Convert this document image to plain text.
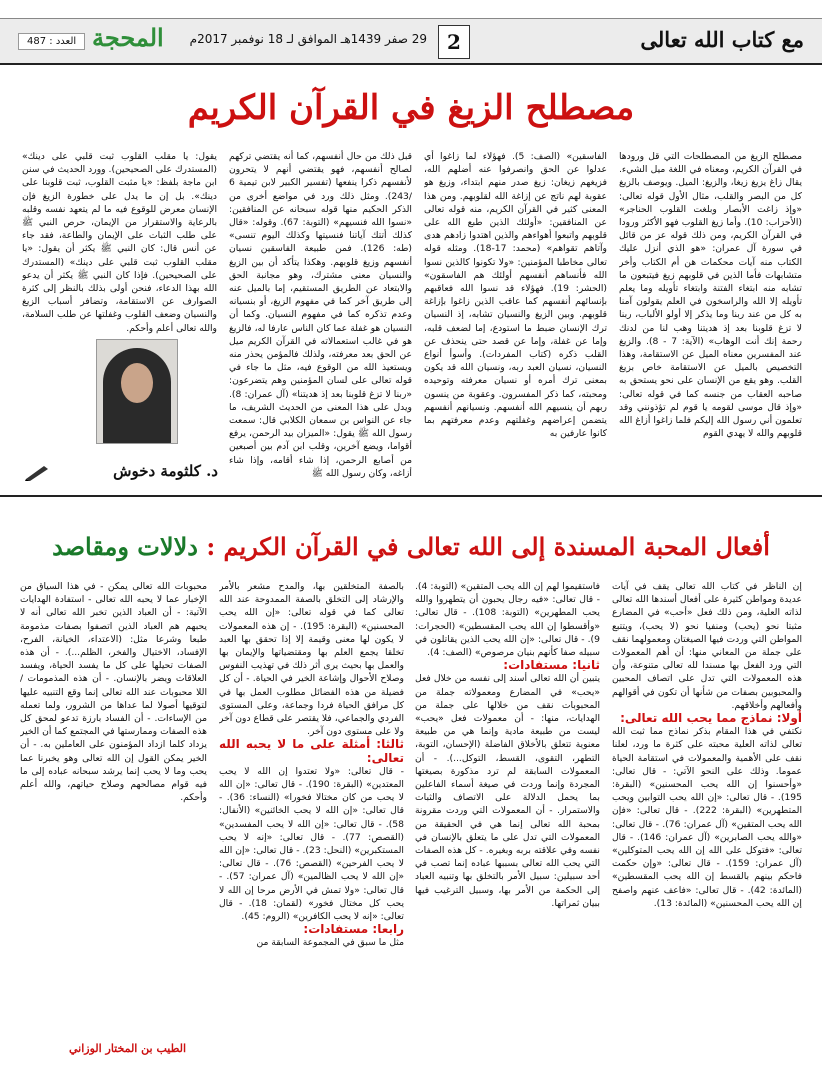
مع كتاب الله تعالى
2
29 صفر 1439هـ الموافق لـ 18 نوفمبر 2017م
المحجة
العدد : 487
مصطلح الزيغ في القرآن الكريم

مصطلح الزيغ من المصطلحات التي قل ورودها في القرآن الكريم، ومعناه في اللغة ميل الشيء. يقال زاغ يزيغ زيغا، والزيغ: الميل. ويوصف بالزيغ كل من البصر والقلب، مثال الأول قوله تعالى: «وإذ زاغت الأبصار وبلغت القلوب الحناجر» (الأحزاب: 10). وأما زيغ القلوب فهو الأكثر ورودا في القرآن الكريم، ومن ذلك قوله عز من قائل في سورة آل عمران: «هو الذي أنزل عليك الكتاب منه آيات محكمات هن أم الكتاب وأخر متشابهات فأما الذين في قلوبهم زيغ فيتبعون ما تشابه منه ابتغاء الفتنة وابتغاء تأويله وما يعلم تأويله إلا الله والراسخون في العلم يقولون آمنا به كل من عند ربنا وما يذكر إلا أولو الألباب، ربنا لا تزغ قلوبنا بعد إذ هديتنا وهب لنا من لدنك رحمة إنك أنت الوهاب» (الآية: 7 - 8). والزيغ عند المفسرين معناه الميل عن الاستقامة، وهذا التخصيص بالميل عن الاستقامة خاص بزيغ القلب. وهو يقع من الإنسان على نحو يستحق به صاحبه العقاب من جنسه كما في قوله تعالى: «وإذ قال موسى لقومه يا قوم لم تؤذونني وقد تعلمون أني رسول الله إليكم فلما زاغوا أزاغ الله قلوبهم والله لا يهدي القوم

الفاسقين» (الصف: 5). فهؤلاء لما زاغوا أي عدلوا عن الحق وانصرفوا عنه أضلهم الله، فزيغهم زيغان: زيغ صدر منهم ابتداء، وزيغ هو عقوبة لهم ناتج عن إزاغة الله لقلوبهم. ومن هذا المعنى كثير في القرآن الكريم، منه قوله تعالى عن المنافقين: «أولئك الذين طبع الله على قلوبهم واتبعوا أهواءهم والذين اهتدوا زادهم هدى وآتاهم تقواهم» (محمد: 17-18). ومثله قوله تعالى مخاطبا المؤمنين: «ولا تكونوا كالذين نسوا الله فأنساهم أنفسهم أولئك هم الفاسقون» (الحشر: 19). فهؤلاء قد نسوا الله فعاقبهم بإنسائهم أنفسهم كما عاقب الذين زاغوا بإزاغة قلوبهم. وبين الزيغ والنسيان تشابه، إذ النسيان ترك الإنسان ضبط ما استودع، إما لضعف قلبه، وإما عن غفلة، وإما عن قصد حتى ينحذف عن القلب ذكره (كتاب المفردات). وأسوأ أنواع النسيان، نسيان العبد ربه، ونسيان الله قد يكون بمعنى ترك أمره أو نسيان معرفته وتوحيده ومحبته، كما ذكر المفسرون. وعقوبة من ينسون ربهم أن ينسيهم الله أنفسهم. ونسيانهم أنفسهم يتضمن إعراضهم وغفلتهم وعدم معرفتهم بما كانوا عارفين به

قبل ذلك من حال أنفسهم، كما أنه يقتضي تركهم لصالح أنفسهم، فهو يقتضي أنهم لا يتحرون لأنفسهم ذكرا ينفعها (تفسير الكبير لابن تيمية 6 /243). ومثل ذلك ورد في مواضع أخرى من الذكر الحكيم منها قوله سبحانه عن المنافقين: «نسوا الله فنسيهم» (التوبة: 67). وقوله: «قال كذلك أتتك آياتنا فنسيتها وكذلك اليوم تنسى» (طه: 126). فمن طبيعة الفاسقين نسيان أنفسهم وزيغ قلوبهم. وهكذا يتأكد أن بين الزيغ والنسيان معنى مشترك، وهو مجانبة الحق والابتعاد عن الطريق المستقيم، إما بالميل عنه إلى طريق آخر كما في مفهوم الزيغ، أو بنسيانه وعدم تذكره كما في مفهوم النسيان. وكما أن النسيان هو غفلة عما كان الناس عارفا له، فالزيغ هو في غالب استعمالاته في القرآن الكريم ميل عن الحق بعد معرفته، ولذلك فالمؤمن يحذر منه ويستعيذ الله من الوقوع فيه، مثل ما جاء في قوله تعالى على لسان المؤمنين وهم يتضرعون: «ربنا لا تزغ قلوبنا بعد إذ هديتنا» (آل عمران: 8). ويدل على هذا المعنى من الحديث الشريف، ما جاء عن النواس بن سمعان الكلابي قال: سمعت رسول الله ﷺ يقول: «الميزان بيد الرحمن، يرفع أقواما، ويضع آخرين، وقلب ابن آدم بين أصبعين من أصابع الرحمن، إذا شاء أقامه، وإذا شاء أزاغه، وكان رسول الله ﷺ

يقول: يا مقلب القلوب ثبت قلبي على دينك» (المستدرك على الصحيحين). وورد الحديث في سنن ابن ماجة بلفظ: «يا مثبت القلوب، ثبت قلوبنا على دينك». بل إن ما يدل على خطورة الزيغ فإن الإنسان معرض للوقوع فيه ما لم يتعهد نفسه وقلبه بالرعاية والاستقرار من الإيمان، حرص النبي ﷺ على طلب الثبات على الإيمان والطاعة، فقد جاء عن أنس قال: كان النبي ﷺ يكثر أن يقول: «يا مقلب القلوب ثبت قلبي على دينك» (المستدرك على الصحيحين). فإذا كان النبي ﷺ يكثر أن يدعو الله بهذا الدعاء، فنحن أولى بذلك بالنظر إلى كثرة الصوارف عن الاستقامة، وتضافر أسباب الزيغ والنسيان وضعف القلوب وغفلتها عن طلب السلامة، والله تعالى أعلم وأحكم.

د. كلثومة دخوش
أفعال المحبة المسندة إلى الله تعالى في القرآن الكريم : دلالات ومقاصد

إن الناظر في كتاب الله تعالى يقف في آيات عديدة ومواطن كثيرة على أفعال أسندها الله تعالى لذاته العلية، ومن ذلك فعل «أحب» في المضارع مثبتا نحو (يحب) ومنفيا نحو (لا يحب)، ويتتبع المواطن التي وردت فيها الصيغتان ومعمولهما نقف على جملة من المعاني منها: أن أهم المعمولات التي ورد الفعل بها مسندا لله تعالى متنوعة، وأن هذه المعمولات التي تدل على اتصاف المحبين والمحبوبين بصفات من شأنها أن تكون في أقوالهم وأفعالهم وأخلاقهم.

أولا: نماذج مما يحب الله تعالى:

نكتفي في هذا المقام بذكر نماذج مما ثبت الله تعالى لذاته العلية محبته على كثرة ما ورد، لعلنا نقف على الأهمية والمعمولات في استقامة الحياة عموما. وذلك على النحو الآتي: - قال تعالى: «وأحسنوا إن الله يحب المحسنين» (البقرة: 195). - قال تعالى: «إن الله يحب التوابين ويحب المتطهرين» (البقرة: 222). - قال تعالى: «فإن الله يحب المتقين» (آل عمران: 76). - قال تعالى: «والله يحب الصابرين» (آل عمران: 146). - قال تعالى: «فتوكل على الله إن الله يحب المتوكلين» (آل عمران: 159). - قال تعالى: «وإن حكمت فاحكم بينهم بالقسط إن الله يحب المقسطين» (المائدة: 42). - قال تعالى: «فاعف عنهم واصفح إن الله يحب المحسنين» (المائدة: 13).

فاستقيموا لهم إن الله يحب المتقين» (التوبة: 4). - قال تعالى: «فيه رجال يحبون أن يتطهروا والله يحب المطهرين» (التوبة: 108). - قال تعالى: «وأقسطوا إن الله يحب المقسطين» (الحجرات: 9). - قال تعالى: «إن الله يحب الذين يقاتلون في سبيله صفا كأنهم بنيان مرصوص» (الصف: 4).

ثانيا: مستفادات:

يتبين أن الله تعالى أسند إلى نفسه من خلال فعل «يحب» في المضارع ومعمولاته جملة من المحبوبات نقف من خلالها على جملة من الهدايات، منها: - أن معمولات فعل «يحب» ليست من طبيعة مادية وإنما هي من طبيعة معنوية تتعلق بالأخلاق الفاضلة (الإحسان، التوبة، التطهر، التقوى، القسط، التوكل...). - أن المعمولات السابقة لم ترد مذكورة بصيغتها المجردة وإنما وردت في صيغة أسماء الفاعلين بما يحمل الدلالة على الاتصاف والثبات والاستمرار. - أن المعمولات التي وردت مقرونة بمحبة الله تعالى إنما هي في الحقيقة من المعمولات التي تدل على ما يتعلق بالإنسان في نفسه وفي علاقته بربه وبغيره. - كل هذه الصفات التي يحب الله تعالى بسببها عباده إنما تصب في أحد سبيلين: سبيل الأمر بالتخلق بها وتنبيه العباد إلى الحكمة من الأمر بها، وسبيل الترغيب فيها ببيان ثمراتها.

بالصفة المتخلقين بها، والمدح مشعر بالأمر والإرشاد إلى التخلق بالصفة الممدوحة عند الله تعالى كما في قوله تعالى: «إن الله يحب المحسنين» (البقرة: 195). - إن هذه المعمولات لا يكون لها معنى وقيمة إلا إذا تحقق بها العبد تخلقا يجمع العلم بها ومقتضياتها والإيمان بها والعمل بها بحيث يرى أثر ذلك في تهذيب النفوس وصلاح الأحوال وإشاعة الخير في الحياة. - أن كل فضيلة من هذه الفضائل مطلوب العمل بها في كل مرافق الحياة فردا وجماعة، وعلى المستوى الفردي والجماعي، فلا يقتصر على قطاع دون آخر ولا على مستوى دون آخر.

ثالثا: أمثلة على ما لا يحبه الله تعالى:

- قال تعالى: «ولا تعتدوا إن الله لا يحب المعتدين» (البقرة: 190). - قال تعالى: «إن الله لا يحب من كان مختالا فخورا» (النساء: 36). - قال تعالى: «إن الله لا يحب الخائنين» (الأنفال: 58). - قال تعالى: «إن الله لا يحب المفسدين» (القصص: 77). - قال تعالى: «إنه لا يحب المستكبرين» (النحل: 23). - قال تعالى: «إن الله لا يحب الفرحين» (القصص: 76). - قال تعالى: «إن الله لا يحب الظالمين» (آل عمران: 57). - قال تعالى: «ولا تمش في الأرض مرحا إن الله لا يحب كل مختال فخور» (لقمان: 18). - قال تعالى: «إنه لا يحب الكافرين» (الروم: 45).

رابعا: مستفادات:

مثل ما سبق في المجموعة السابقة من

محبوبات الله تعالى يمكن - في هذا السياق من الإخبار عما لا يحبه الله تعالى - استفادة الهدايات الآتية: - أن العباد الذين تخبر الله تعالى أنه لا يحبهم هم العباد الذين اتصفوا بصفات مذمومة طبعا وشرعا مثل: (الاعتداء، الخيانة، الفرح، الإفساد، الاختيال والفخر، الظلم...). - أن هذه الصفات تحيلها على كل ما يفسد الحياة، ويفسد العلاقات ويضر بالإنسان. - أن هذه المذمومات / اللا محبوبات عند الله تعالى إنما وقع التنبيه عليها لتوقيها أصولا لما عداها من الشرور، ولما تعمله من الإساءات. - أن الفساد بارزة تدعو لمحق كل هذه الصفات وممارستها في المجتمع كما أن الخير يزداد كلما ازداد المؤمنون على العاملين به. - أن الخير يمكن القول إن الله تعالى وهو يخبرنا عما يحب وما لا يحب إنما يرشد سبحانه عباده إلى ما فيه قوام مصالحهم وصلاح حياتهم، والله أعلم وأحكم.

الطيب بن المختار الوزاني
